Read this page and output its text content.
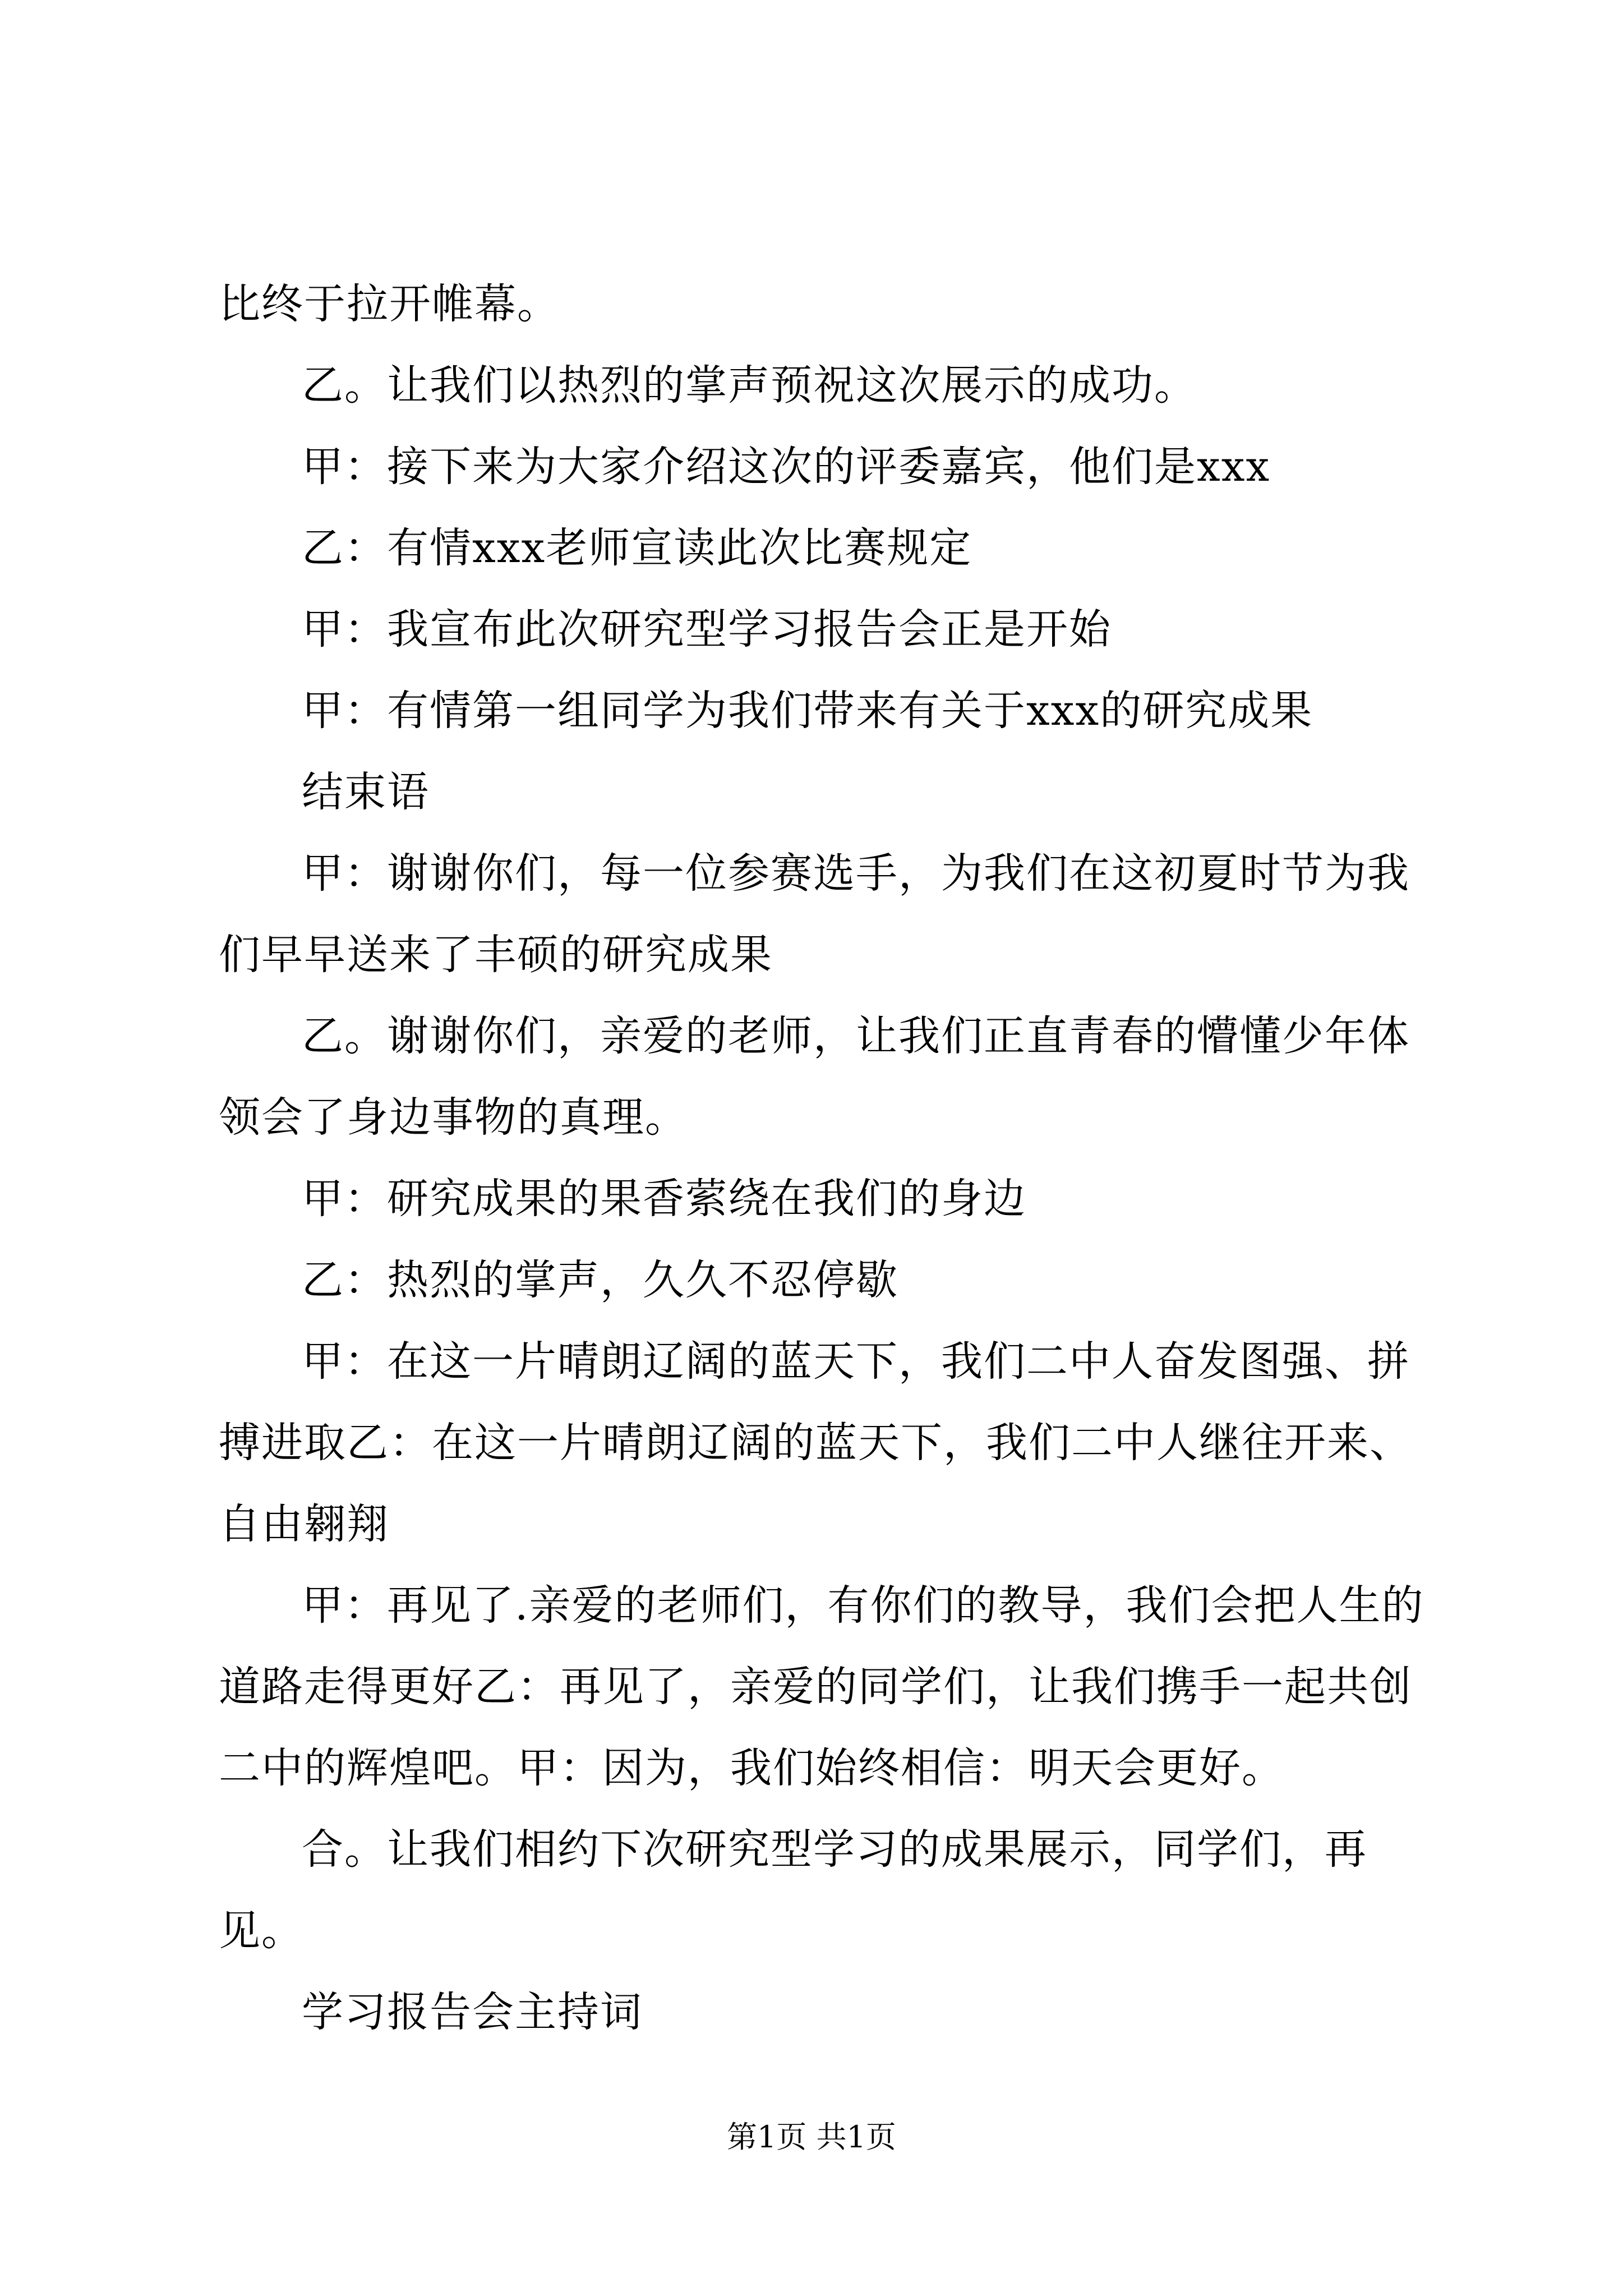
比终于拉开帷幕。

乙。让我们以热烈的掌声预祝这次展示的成功。

甲：接下来为大家介绍这次的评委嘉宾，他们是xxx

乙：有情xxx老师宣读此次比赛规定

甲：我宣布此次研究型学习报告会正是开始

甲：有情第一组同学为我们带来有关于xxx的研究成果

结束语

甲：谢谢你们，每一位参赛选手，为我们在这初夏时节为我们早早送来了丰硕的研究成果

乙。谢谢你们，亲爱的老师，让我们正直青春的懵懂少年体领会了身边事物的真理。

甲：研究成果的果香萦绕在我们的身边

乙：热烈的掌声，久久不忍停歇

甲：在这一片晴朗辽阔的蓝天下，我们二中人奋发图强、拼搏进取乙：在这一片晴朗辽阔的蓝天下，我们二中人继往开来、自由翱翔

甲：再见了.亲爱的老师们，有你们的教导，我们会把人生的道路走得更好乙：再见了，亲爱的同学们，让我们携手一起共创二中的辉煌吧。甲：因为，我们始终相信：明天会更好。

合。让我们相约下次研究型学习的成果展示，同学们，再见。

学习报告会主持词

第1页 共1页
